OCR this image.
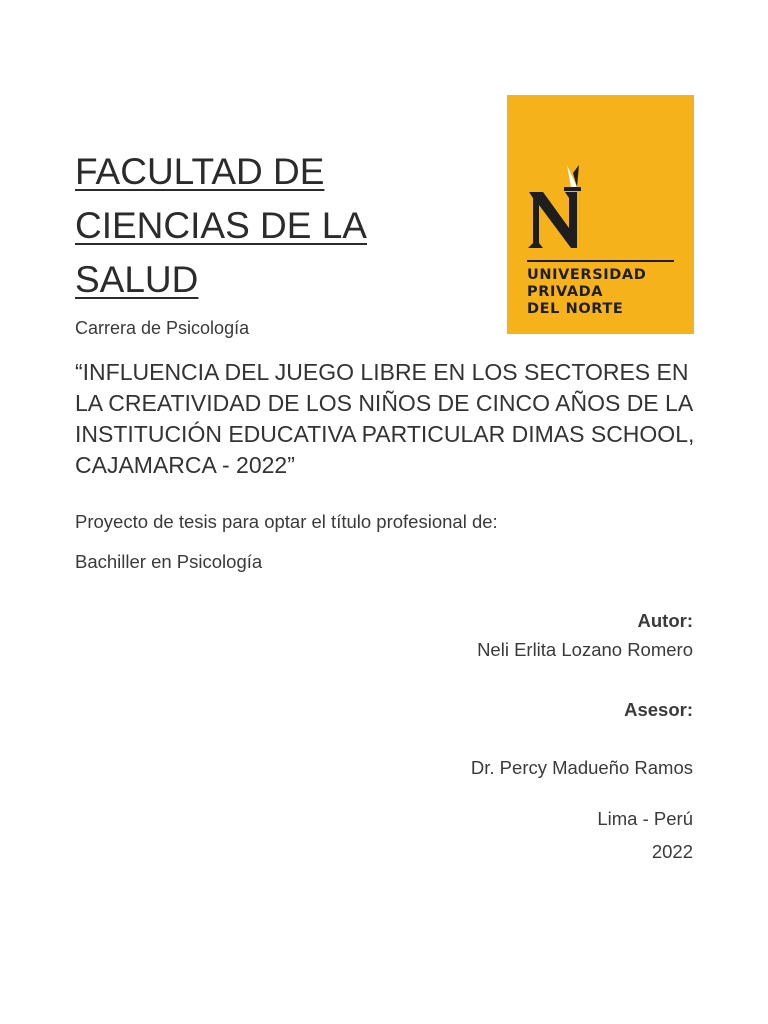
FACULTAD DE
CIENCIAS DE LA
SALUD	UNIVERSIDAD
PRIVADA
DEL NORTE
Carrera de Psicología
“INFLUENCIA DEL JUEGO LIBRE EN LOS SECTORES EN LA CREATIVIDAD DE LOS NIÑOS DE CINCO AÑOS DE LA INSTITUCIÓN EDUCATIVA PARTICULAR DIMAS SCHOOL, CAJAMARCA - 2022”
Proyecto de tesis para optar el título profesional de:
Bachiller en Psicología
Autor:
Neli Erlita Lozano Romero
Asesor:
Dr. Percy Madueño Ramos
Lima - Perú
2022
